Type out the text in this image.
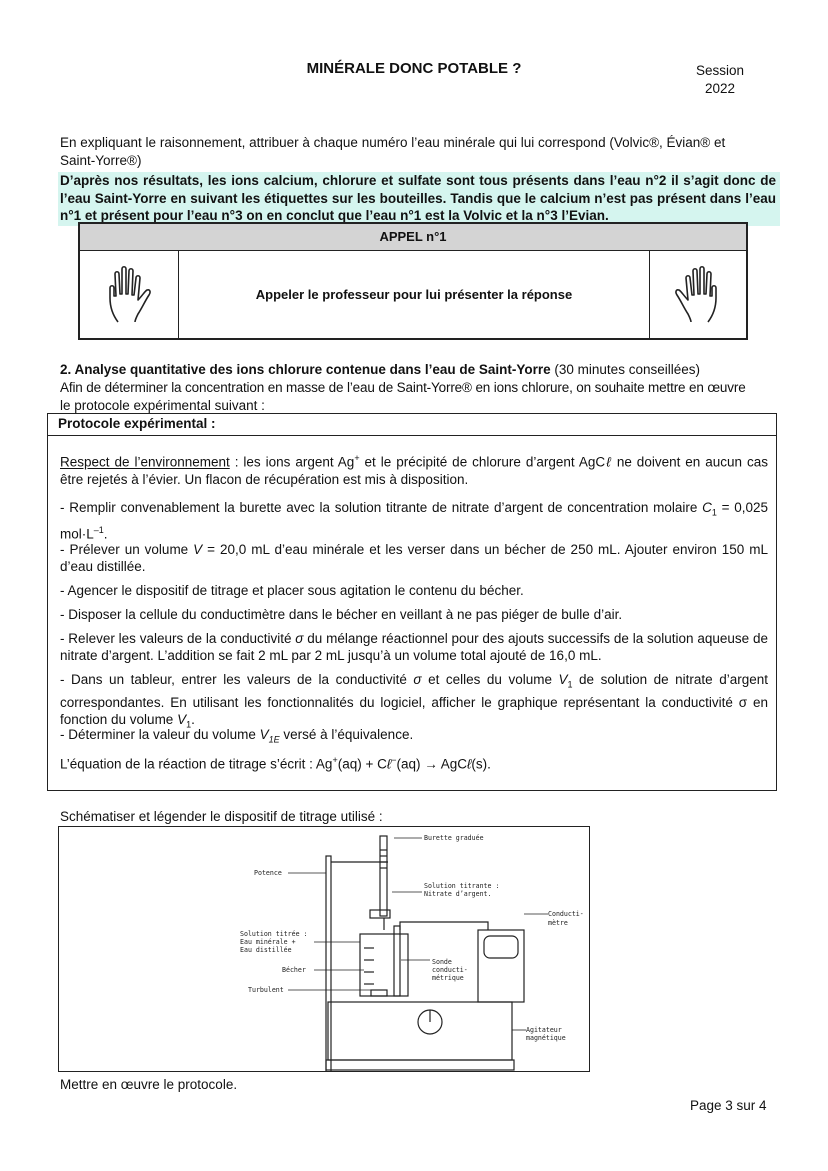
MINÉRALE DONC POTABLE ?	Session
2022
En expliquant le raisonnement, attribuer à chaque numéro l’eau minérale qui lui correspond (Volvic®, Évian® et
Saint-Yorre®)
D’après nos résultats, les ions calcium, chlorure et sulfate sont tous présents dans l’eau n°2 il s’agit donc de l’eau Saint-Yorre en suivant les étiquettes sur les bouteilles. Tandis que le calcium n’est pas présent dans l’eau n°1 et présent pour l’eau n°3 on en conclut que l’eau n°1 est la Volvic et la n°3 l’Evian.
APPEL n°1
Appeler le professeur pour lui présenter la réponse
2. Analyse quantitative des ions chlorure contenue dans l’eau de Saint-Yorre (30 minutes conseillées)
Afin de déterminer la concentration en masse de l’eau de Saint-Yorre® en ions chlorure, on souhaite mettre en œuvre
le protocole expérimental suivant :
Protocole expérimental :
Respect de l’environnement : les ions argent Ag+ et le précipité de chlorure d’argent AgCℓ ne doivent en aucun cas être rejetés à l’évier. Un flacon de récupération est mis à disposition.
- Remplir convenablement la burette avec la solution titrante de nitrate d’argent de concentration molaire $C_1 = 0,025$ $mol\cdot L^{-1}$.
- Prélever un volume V = 20,0 mL d’eau minérale et les verser dans un bécher de 250 mL. Ajouter environ 150 mL d’eau distillée.
- Agencer le dispositif de titrage et placer sous agitation le contenu du bécher.
- Disposer la cellule du conductimètre dans le bécher en veillant à ne pas piéger de bulle d’air.
- Relever les valeurs de la conductivité σ du mélange réactionnel pour des ajouts successifs de la solution aqueuse de nitrate d’argent. L’addition se fait 2 mL par 2 mL jusqu’à un volume total ajouté de 16,0 mL.
- Dans un tableur, entrer les valeurs de la conductivité σ et celles du volume $V_1$ de solution de nitrate d’argent correspondantes. En utilisant les fonctionnalités du logiciel, afficher le graphique représentant la conductivité σ en fonction du volume $V_1$.
- Déterminer la valeur du volume $V_{1E}$ versé à l’équivalence.
L’équation de la réaction de titrage s’écrit : Ag+(aq) + Cℓ−(aq) → AgCℓ(s).
Schématiser et légender le dispositif de titrage utilisé :
Burette graduée
Potence
Solution titrante :
Nitrate d’argent.
Conducti-
mètre
Solution titrée :
Eau minérale +
Eau distillée
Bécher
Sonde
conducti-
métrique
Turbulent
Agitateur
magnétique
Mettre en œuvre le protocole.
Page 3 sur 4
